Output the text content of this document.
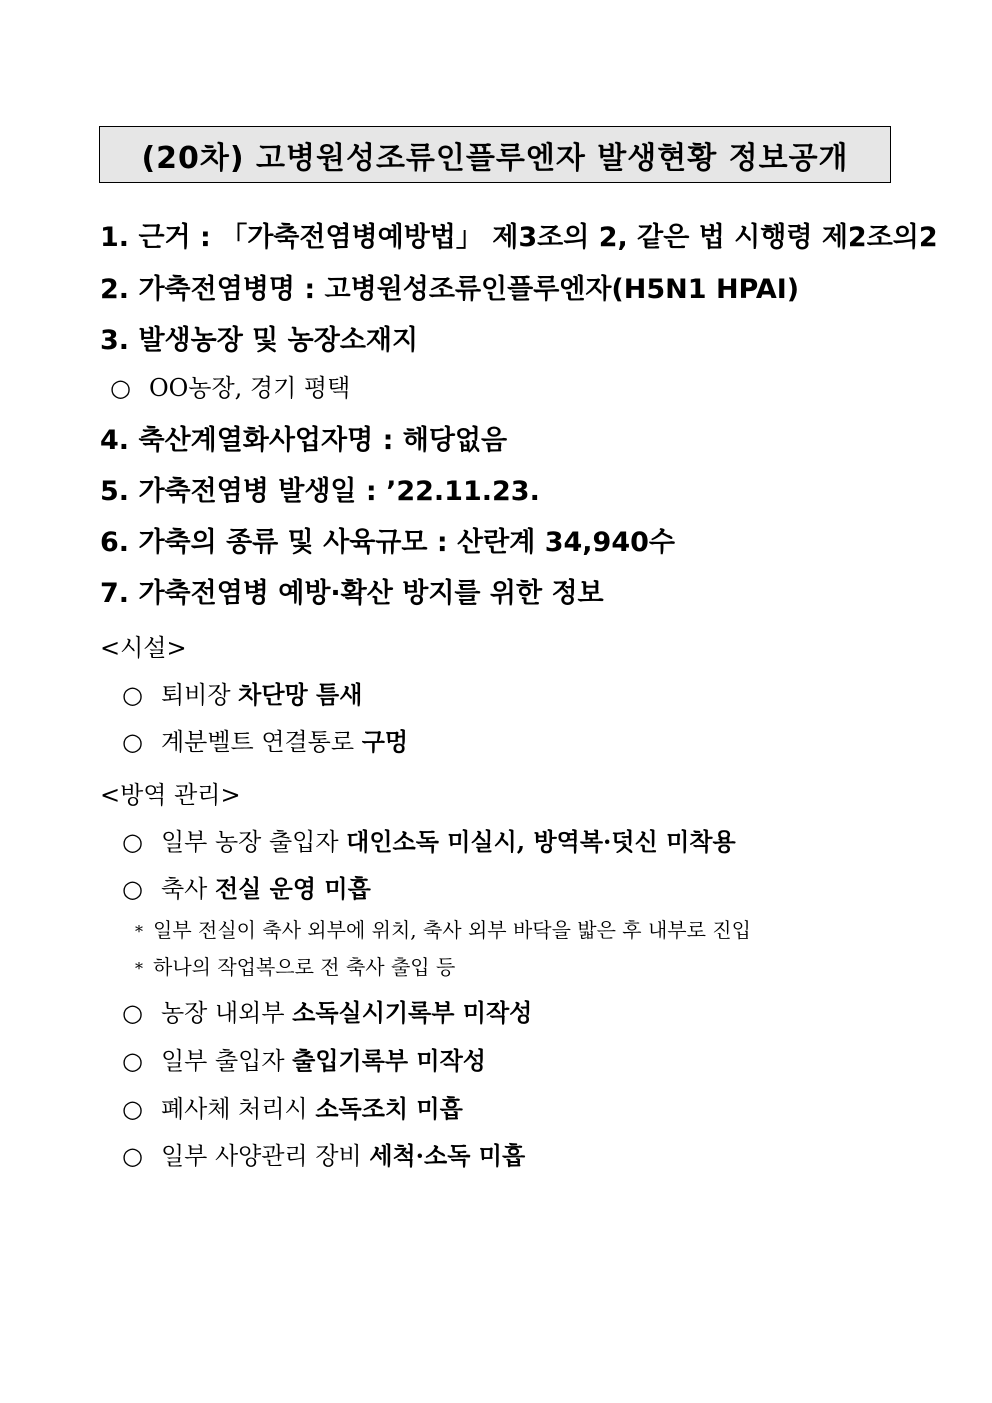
(20차) 고병원성조류인플루엔자 발생현황 정보공개
1. 근거 : 「가축전염병예방법」 제3조의 2, 같은 법 시행령 제2조의2
2. 가축전염병명 : 고병원성조류인플루엔자(H5N1 HPAI)
3. 발생농장 및 농장소재지
○ OO농장, 경기 평택
4. 축산계열화사업자명 : 해당없음
5. 가축전염병 발생일 : ’22.11.23.
6. 가축의 종류 및 사육규모 : 산란계 34,940수
7. 가축전염병 예방·확산 방지를 위한 정보
<시설>
○ 퇴비장 차단망 틈새
○ 계분벨트 연결통로 구멍
<방역 관리>
○ 일부 농장 출입자 대인소독 미실시, 방역복·덧신 미착용
○ 축사 전실 운영 미흡
* 일부 전실이 축사 외부에 위치, 축사 외부 바닥을 밟은 후 내부로 진입
* 하나의 작업복으로 전 축사 출입 등
○ 농장 내외부 소독실시기록부 미작성
○ 일부 출입자 출입기록부 미작성
○ 폐사체 처리시 소독조치 미흡
○ 일부 사양관리 장비 세척·소독 미흡
